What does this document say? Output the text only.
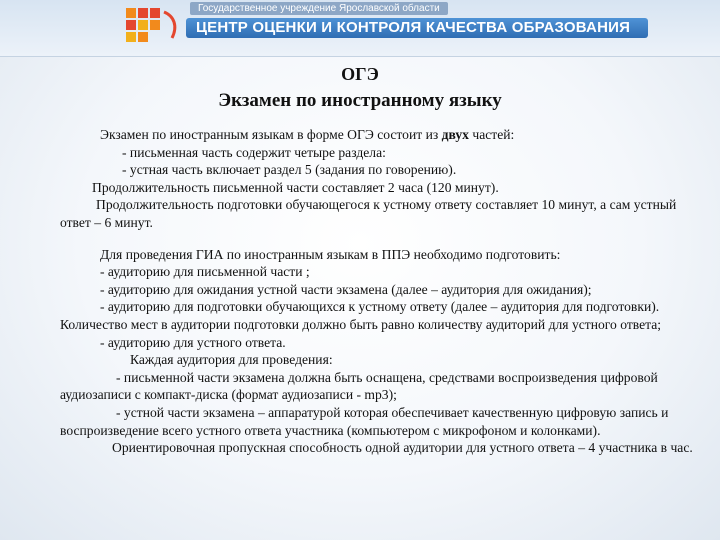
Государственное учреждение Ярославской области
ЦЕНТР ОЦЕНКИ И КОНТРОЛЯ КАЧЕСТВА ОБРАЗОВАНИЯ
ОГЭ
Экзамен по иностранному языку

Экзамен по иностранным языкам в форме ОГЭ состоит из двух частей:

- письменная часть содержит четыре раздела:

- устная часть включает раздел 5 (задания по говорению).

Продолжительность письменной части составляет 2 часа (120 минут).

Продолжительность подготовки обучающегося к устному ответу составляет 10 минут, а сам устный ответ – 6 минут.

Для проведения ГИА по иностранным языкам в ППЭ необходимо подготовить:

- аудиторию для письменной части ;

- аудиторию для ожидания устной части экзамена (далее – аудитория для ожидания);

- аудиторию для подготовки обучающихся к устному ответу (далее – аудитория для подготовки). Количество мест в аудитории подготовки должно быть равно количеству аудиторий для устного ответа;

- аудиторию для устного ответа.

Каждая аудитория для проведения:

- письменной части экзамена должна быть оснащена, средствами воспроизведения цифровой аудиозаписи с компакт-диска (формат аудиозаписи - mp3);

- устной части экзамена – аппаратурой которая обеспечивает качественную цифровую запись и воспроизведение всего устного ответа участника (компьютером с микрофоном и колонками).

Ориентировочная пропускная способность одной аудитории для устного ответа – 4 участника в час.
